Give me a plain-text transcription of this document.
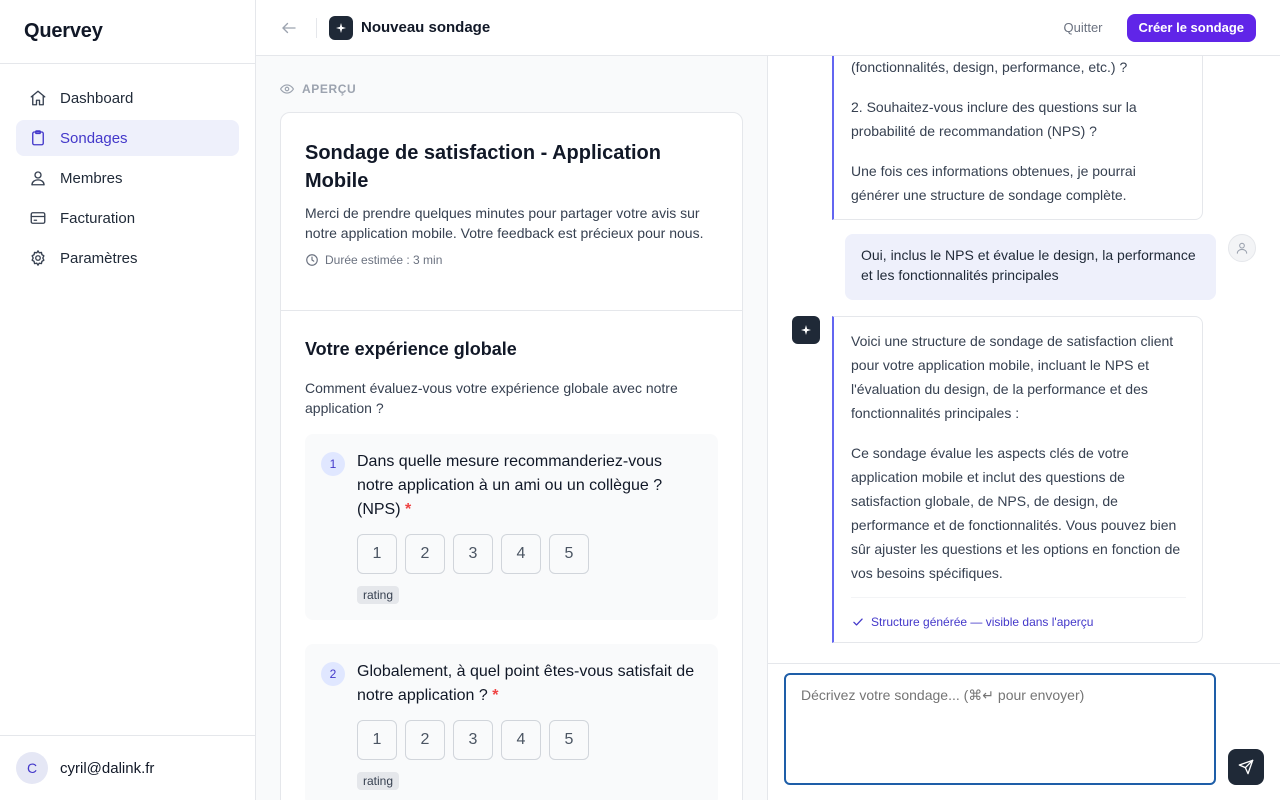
Quervey
Dashboard
Sondages
Membres
Facturation
Paramètres
C	cyril@dalink.fr
Nouveau sondage	Quitter	Créer le sondage
APERÇU
Sondage de satisfaction - Application Mobile
Merci de prendre quelques minutes pour partager votre avis sur notre application mobile. Votre feedback est précieux pour nous.
Durée estimée : 3 min
Votre expérience globale
Comment évaluez-vous votre expérience globale avec notre application ?
1	Dans quelle mesure recommanderiez-vous notre application à un ami ou un collègue ? (NPS) *
1	2	3	4	5
rating
2	Globalement, à quel point êtes-vous satisfait de notre application ? *
1	2	3	4	5
rating

(fonctionnalités, design, performance, etc.) ?

2. Souhaitez-vous inclure des questions sur la probabilité de recommandation (NPS) ?

Une fois ces informations obtenues, je pourrai générer une structure de sondage complète.

Oui, inclus le NPS et évalue le design, la performance et les fonctionnalités principales

Voici une structure de sondage de satisfaction client pour votre application mobile, incluant le NPS et l'évaluation du design, de la performance et des fonctionnalités principales :

Ce sondage évalue les aspects clés de votre application mobile et inclut des questions de satisfaction globale, de NPS, de design, de performance et de fonctionnalités. Vous pouvez bien sûr ajuster les questions et les options en fonction de vos besoins spécifiques.

Structure générée — visible dans l'aperçu
Décrivez votre sondage... (⌘↵ pour envoyer)
